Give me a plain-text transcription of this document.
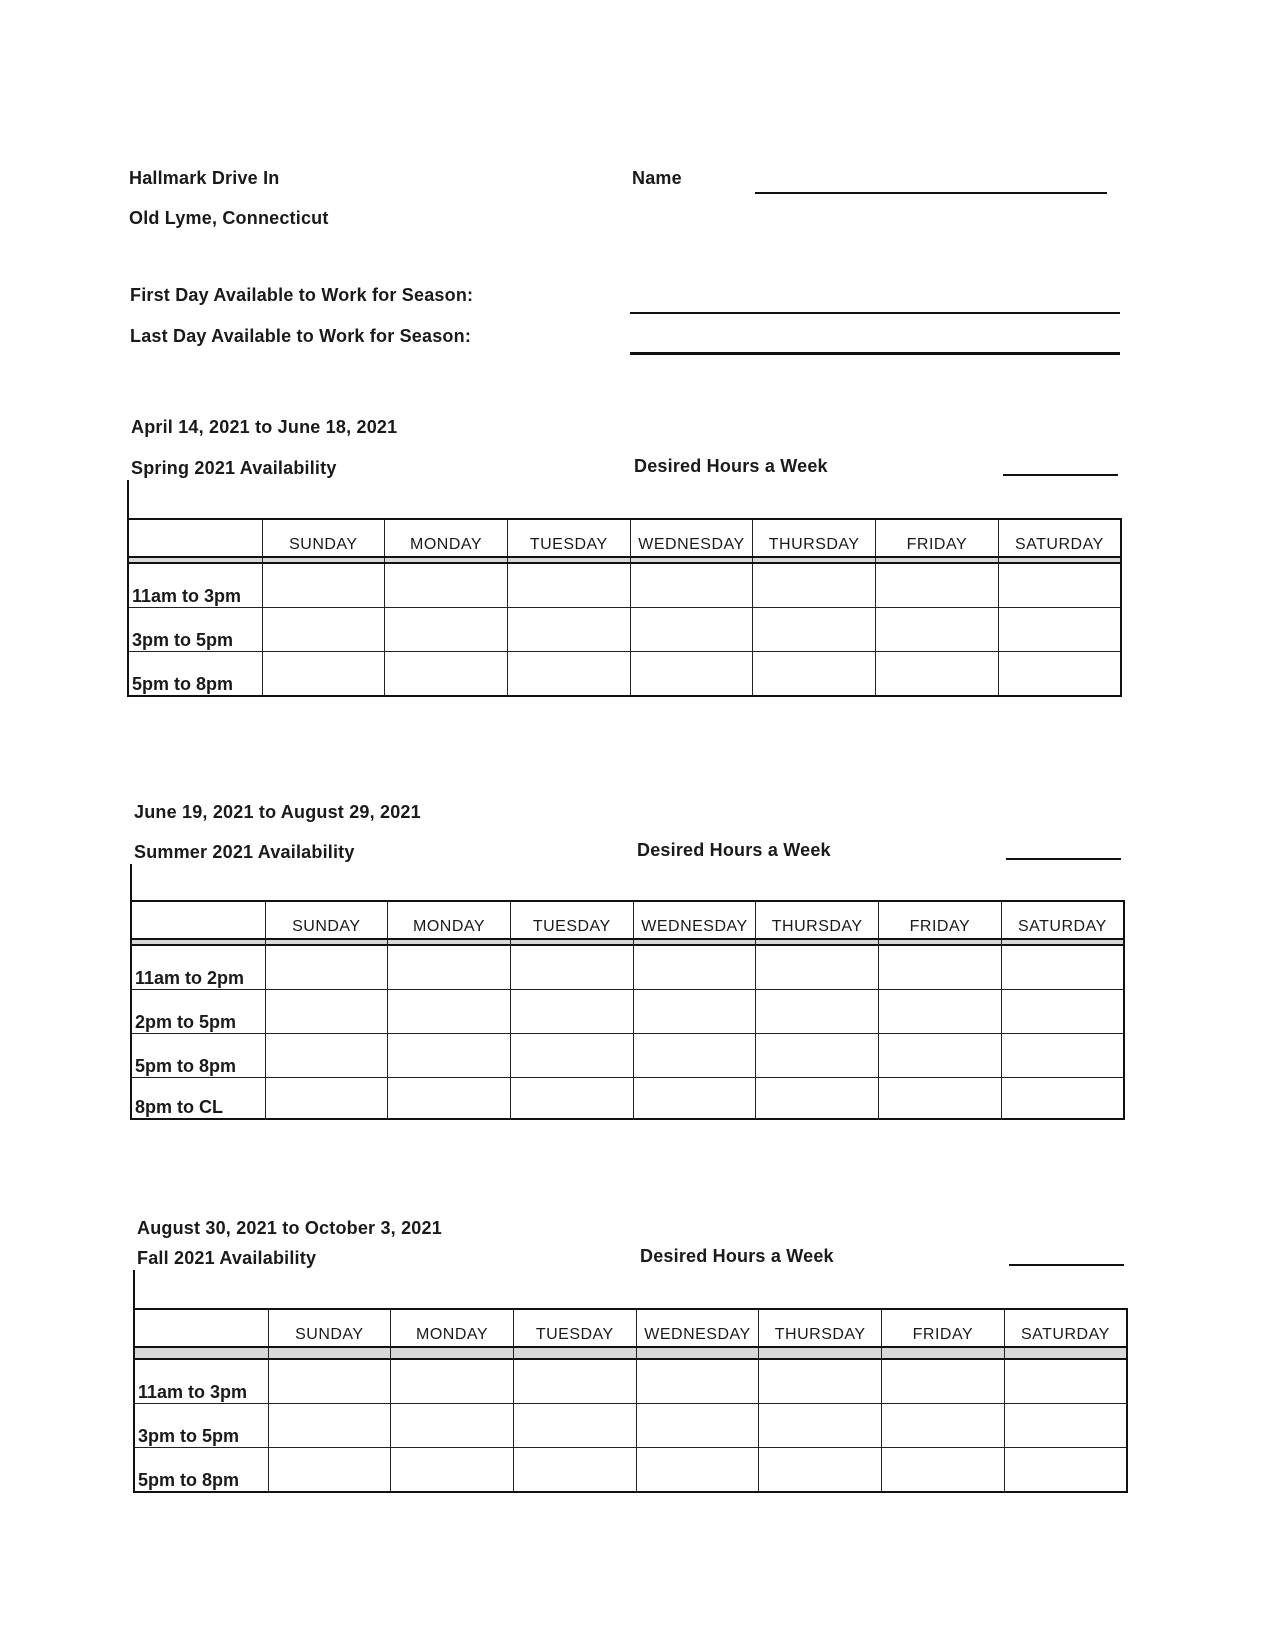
Hallmark Drive In
Old Lyme, Connecticut
Name
First Day Available to Work for Season:
Last Day Available to Work for Season:
April 14, 2021 to June 18, 2021
Spring 2021 Availability	Desired Hours a Week
	SUNDAY	MONDAY	TUESDAY	WEDNESDAY	THURSDAY	FRIDAY	SATURDAY

11am to 3pm							
3pm to 5pm							
5pm to 8pm							
June 19, 2021 to August 29, 2021
Summer 2021 Availability	Desired Hours a Week
	SUNDAY	MONDAY	TUESDAY	WEDNESDAY	THURSDAY	FRIDAY	SATURDAY

11am to 2pm							
2pm to 5pm							
5pm to 8pm							
8pm to CL							
August 30, 2021 to October 3, 2021
Fall 2021 Availability	Desired Hours a Week
	SUNDAY	MONDAY	TUESDAY	WEDNESDAY	THURSDAY	FRIDAY	SATURDAY

11am to 3pm							
3pm to 5pm							
5pm to 8pm							
